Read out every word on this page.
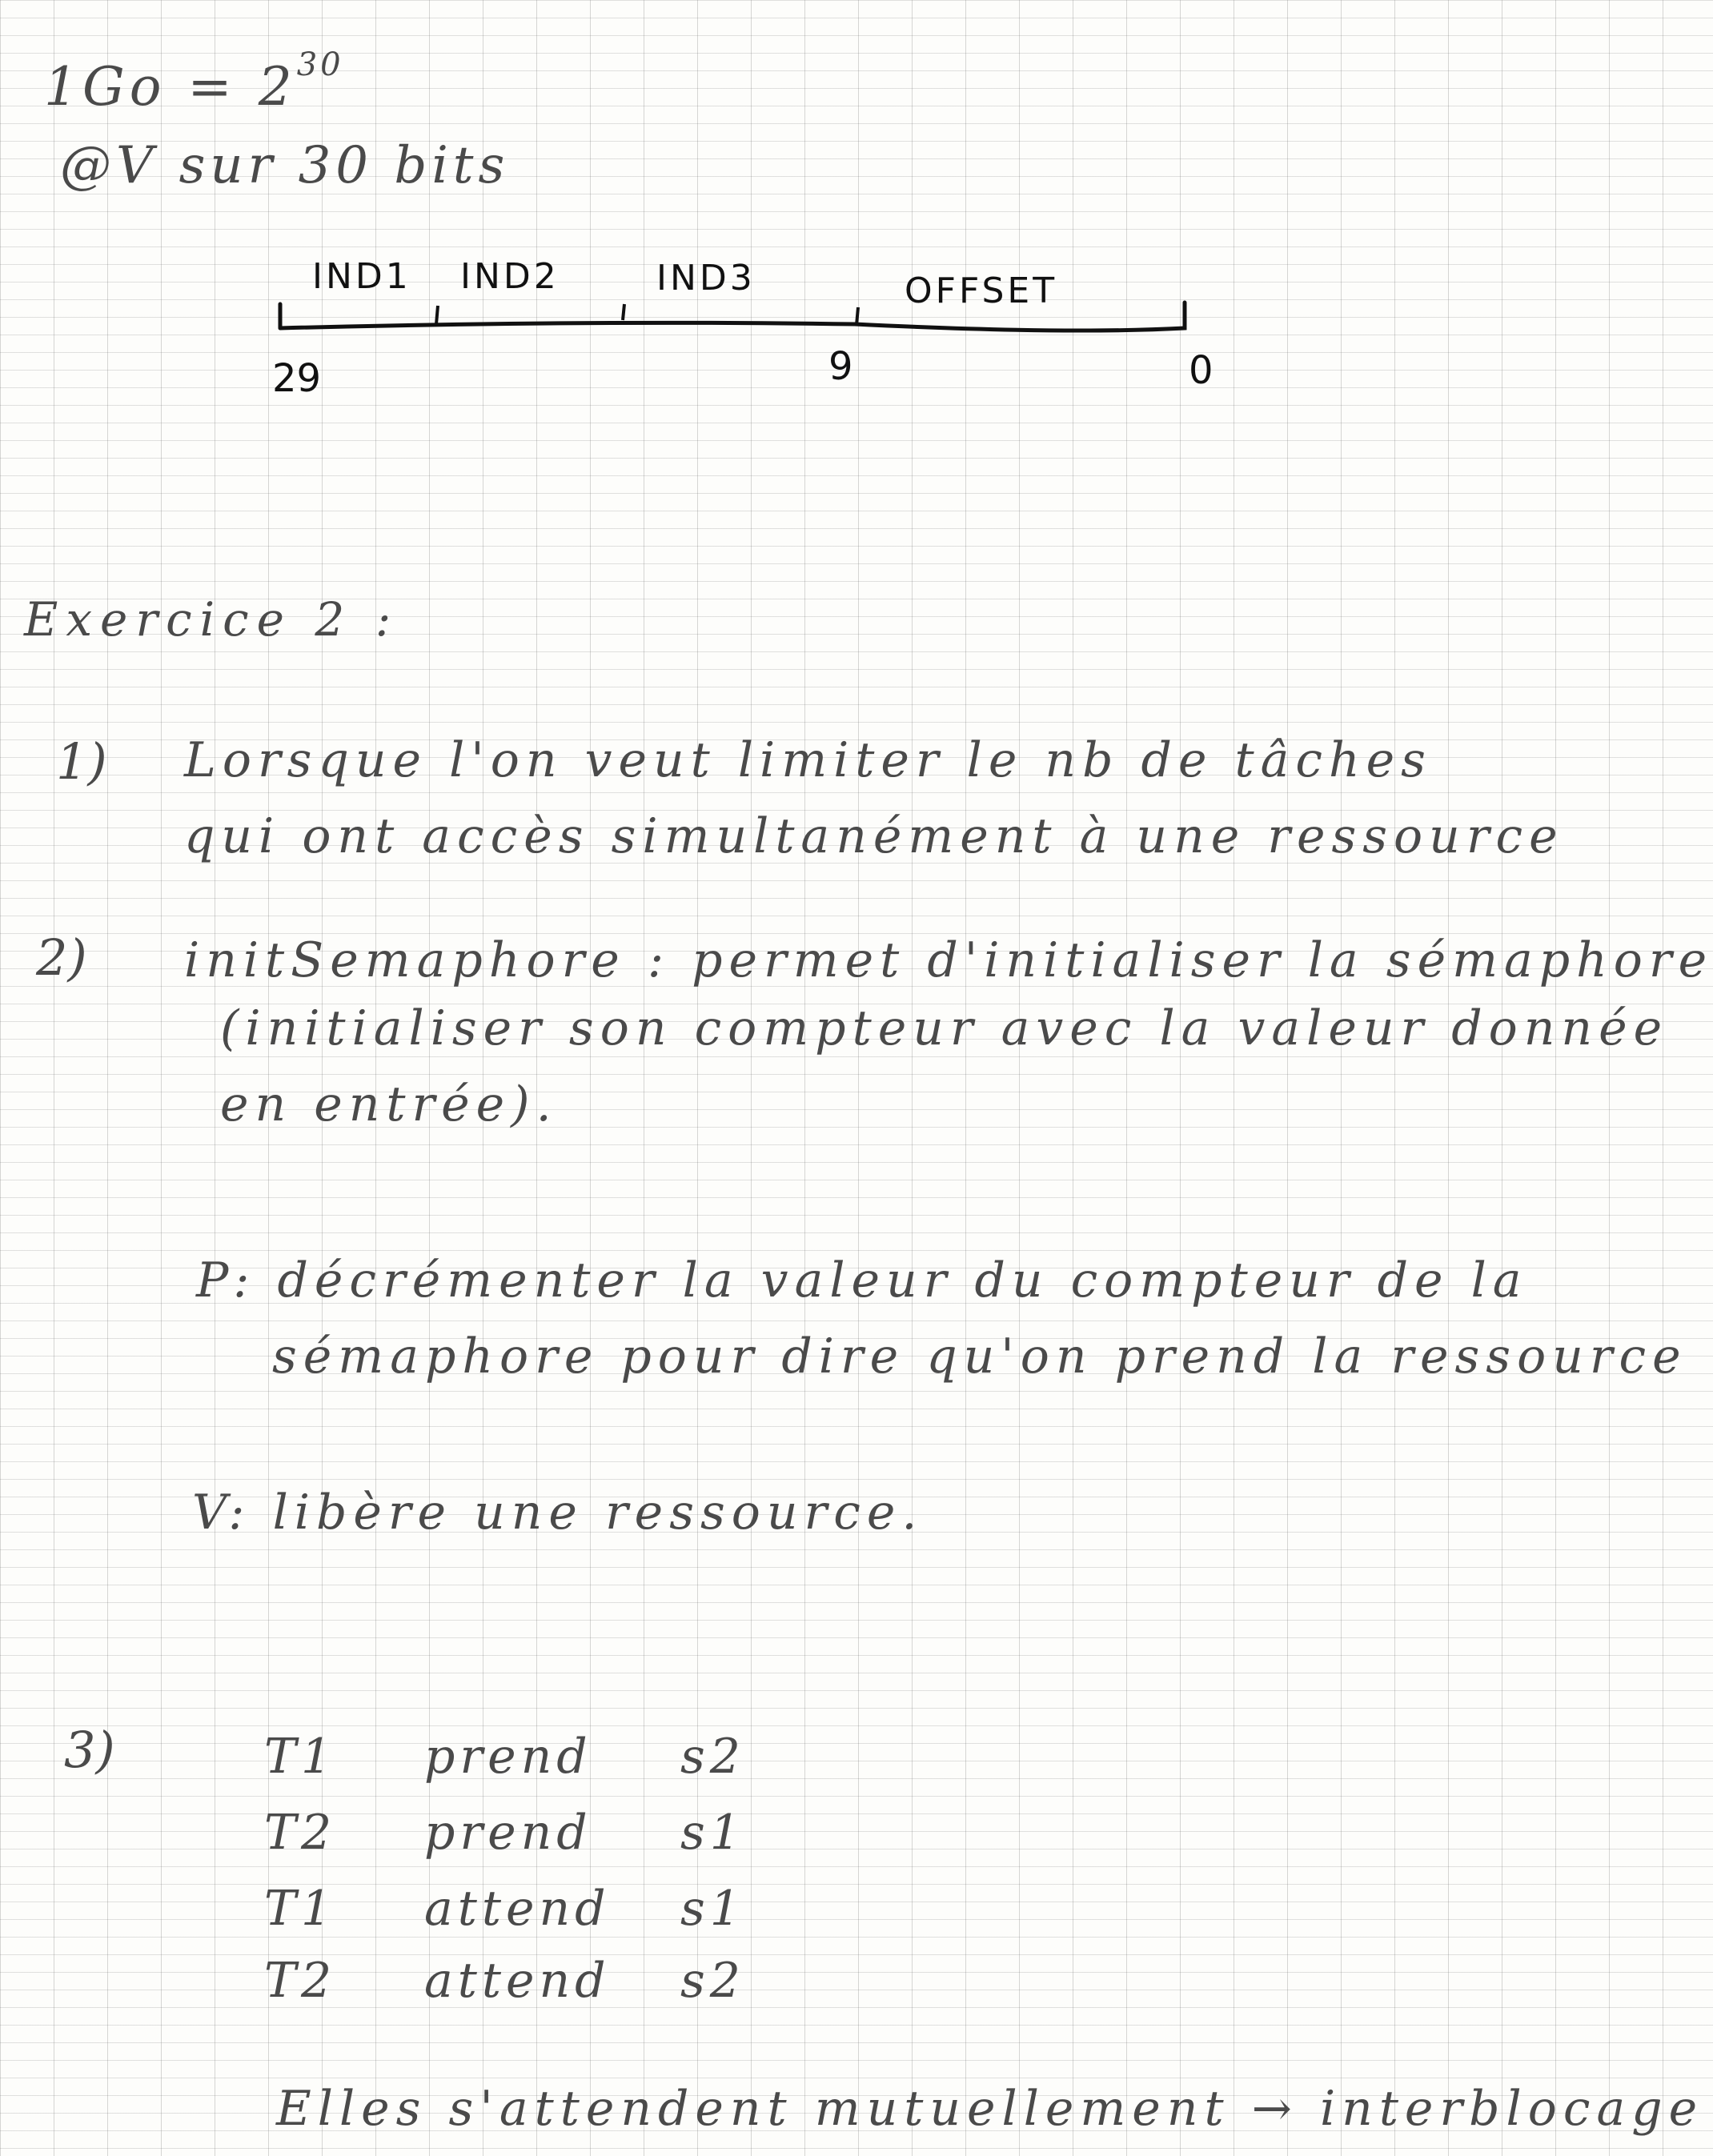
$1Go = 2^{30}$
@V sur 30 bits
IND1 IND2	IND3	OFFSET
29	9	0
Exercice 2 :
1) Lorsque l'on veut limiter le nb de tâches
qui ont accès simultanément à une ressource
2) initSemaphore : permet d'initialiser la sémaphore
(initialiser son compteur avec la valeur donnée
en entrée).
P: décrémenter la valeur du compteur de la
sémaphore pour dire qu'on prend la ressource
V: libère une ressource.
3)	T1 prend s2
T2 prend s1
T1 attend s1
T2 attend s2
Elles s'attendent mutuellement → interblocage
